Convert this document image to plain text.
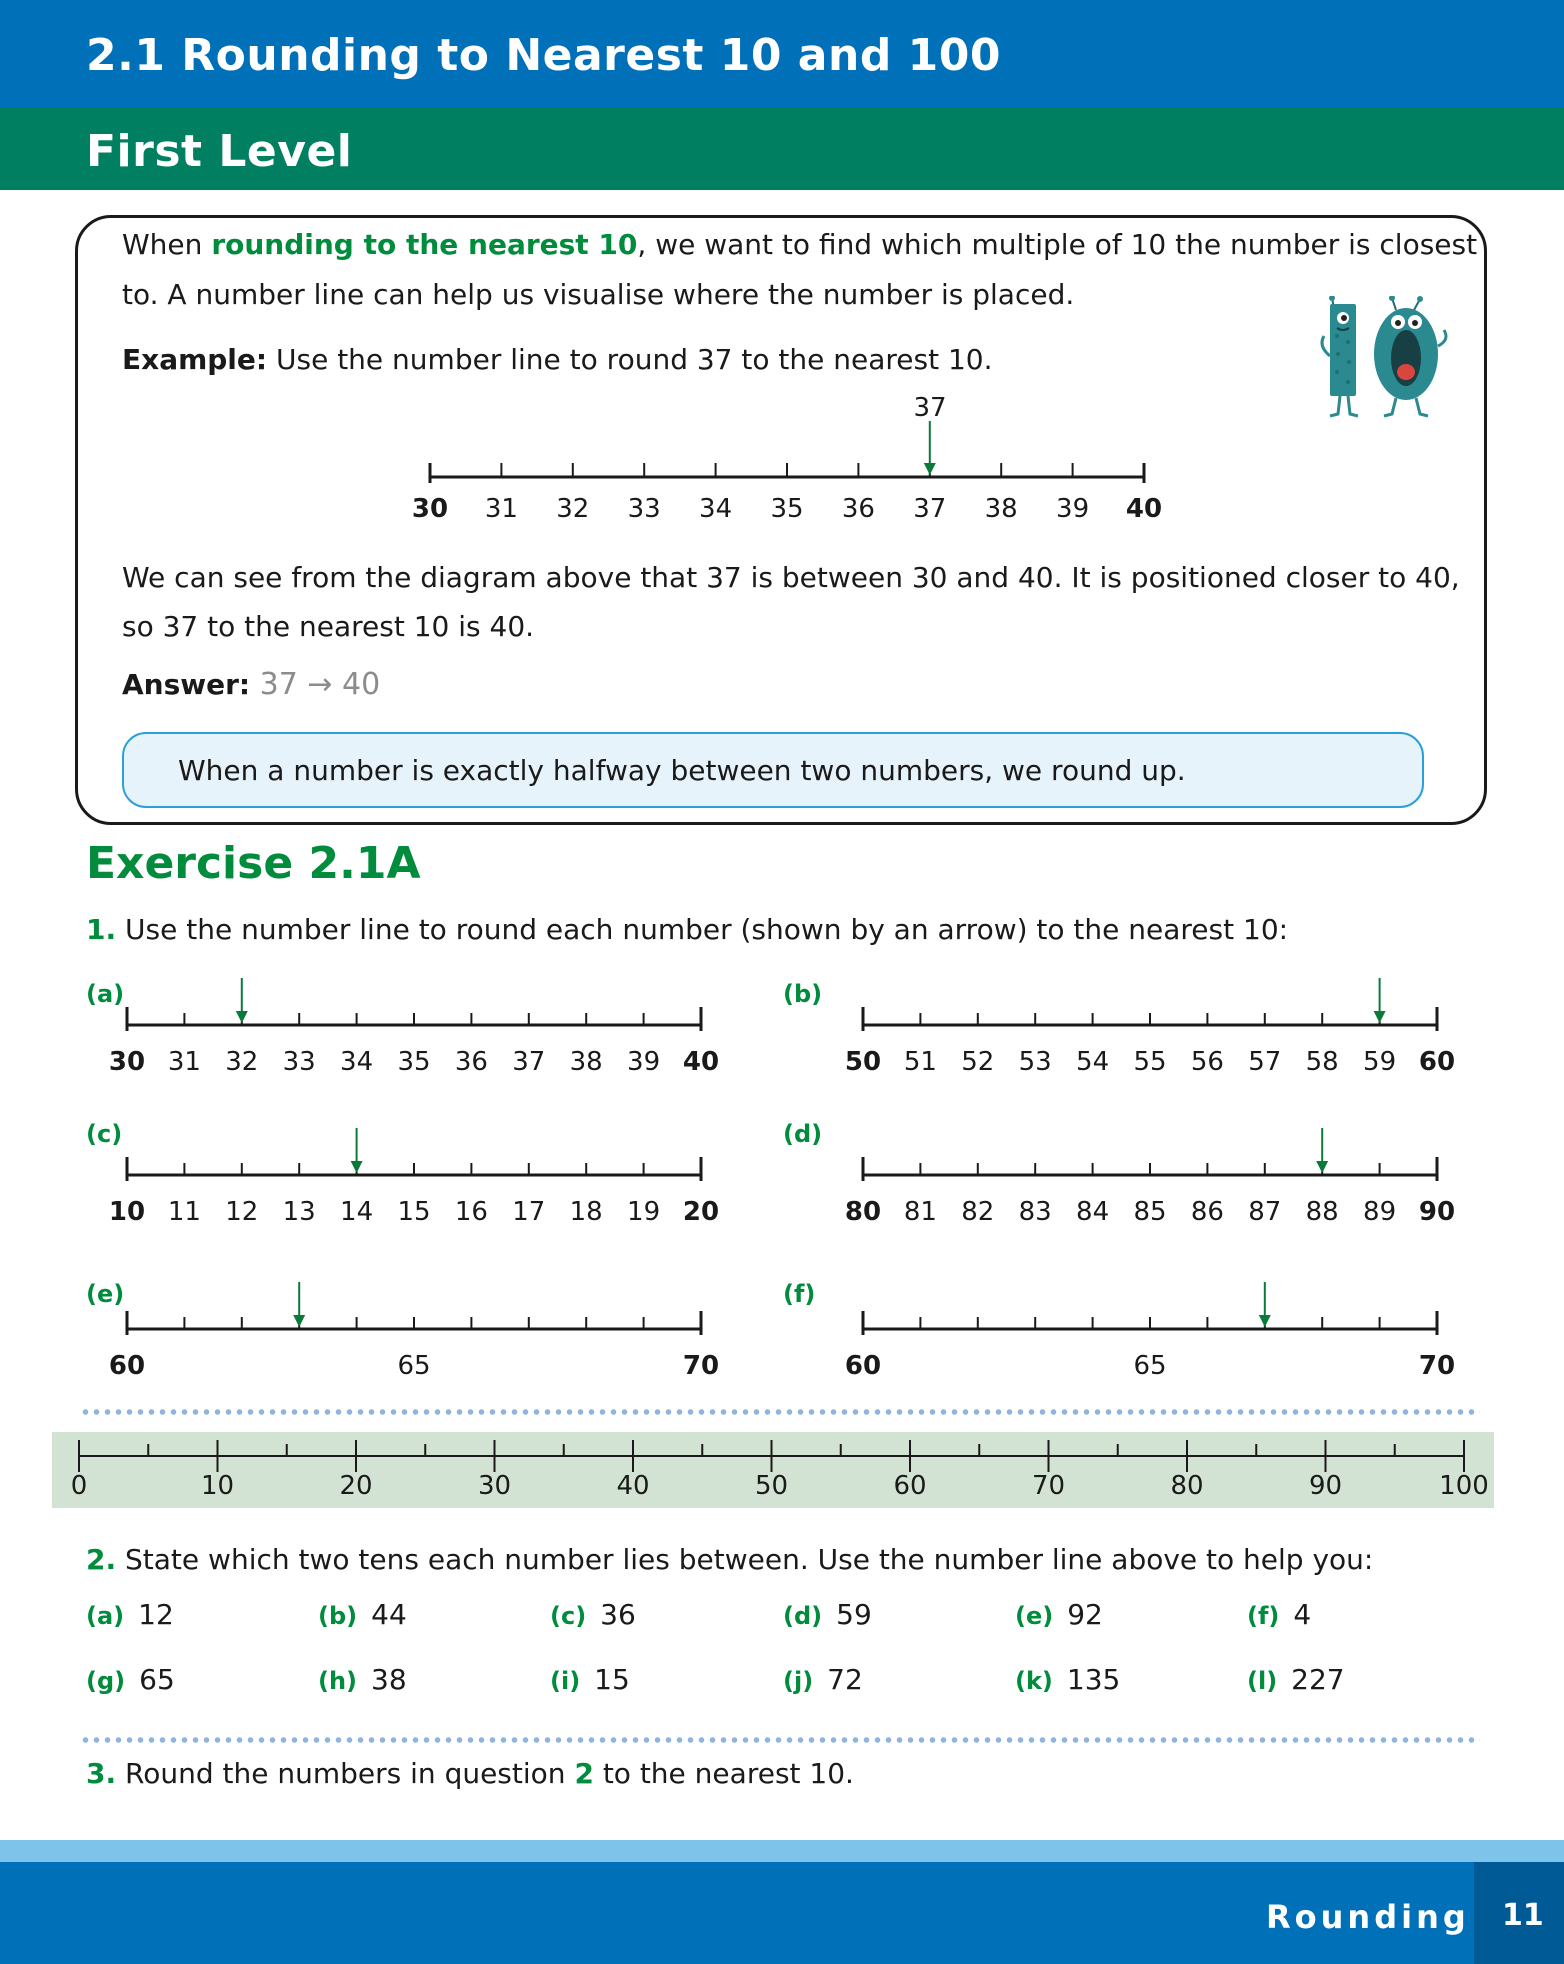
2.1 Rounding to Nearest 10 and 100
First Level
When rounding to the nearest 10, we want to find which multiple of 10 the number is closest
to. A number line can help us visualise where the number is placed.
Example: Use the number line to round 37 to the nearest 10.
37
30 31 32 33 34 35 36 37 38 39 40
We can see from the diagram above that 37 is between 30 and 40. It is positioned closer to 40,
so 37 to the nearest 10 is 40.
Answer: 37 → 40
When a number is exactly halfway between two numbers, we round up.
Exercise 2.1A
1. Use the number line to round each number (shown by an arrow) to the nearest 10:
(a)	(b)
(c)	(d)
(e)	(f)
30 31 32 33 34 35 36 37 38 39 40	50 51 52 53 54 55 56 57 58 59 60
10 11 12 13 14 15 16 17 18 19 20	80 81 82 83 84 85 86 87 88 89 90
60	65	70	60	65	70
0	10	20	30	40	50	60	70	80	90	100
2. State which two tens each number lies between. Use the number line above to help you:
(a) 12	(b) 44	(c) 36	(d) 59	(e) 92	(f) 4
(g) 65	(h) 38	(i) 15	(j) 72	(k) 135	(l) 227
3. Round the numbers in question 2 to the nearest 10.
Rounding 11
